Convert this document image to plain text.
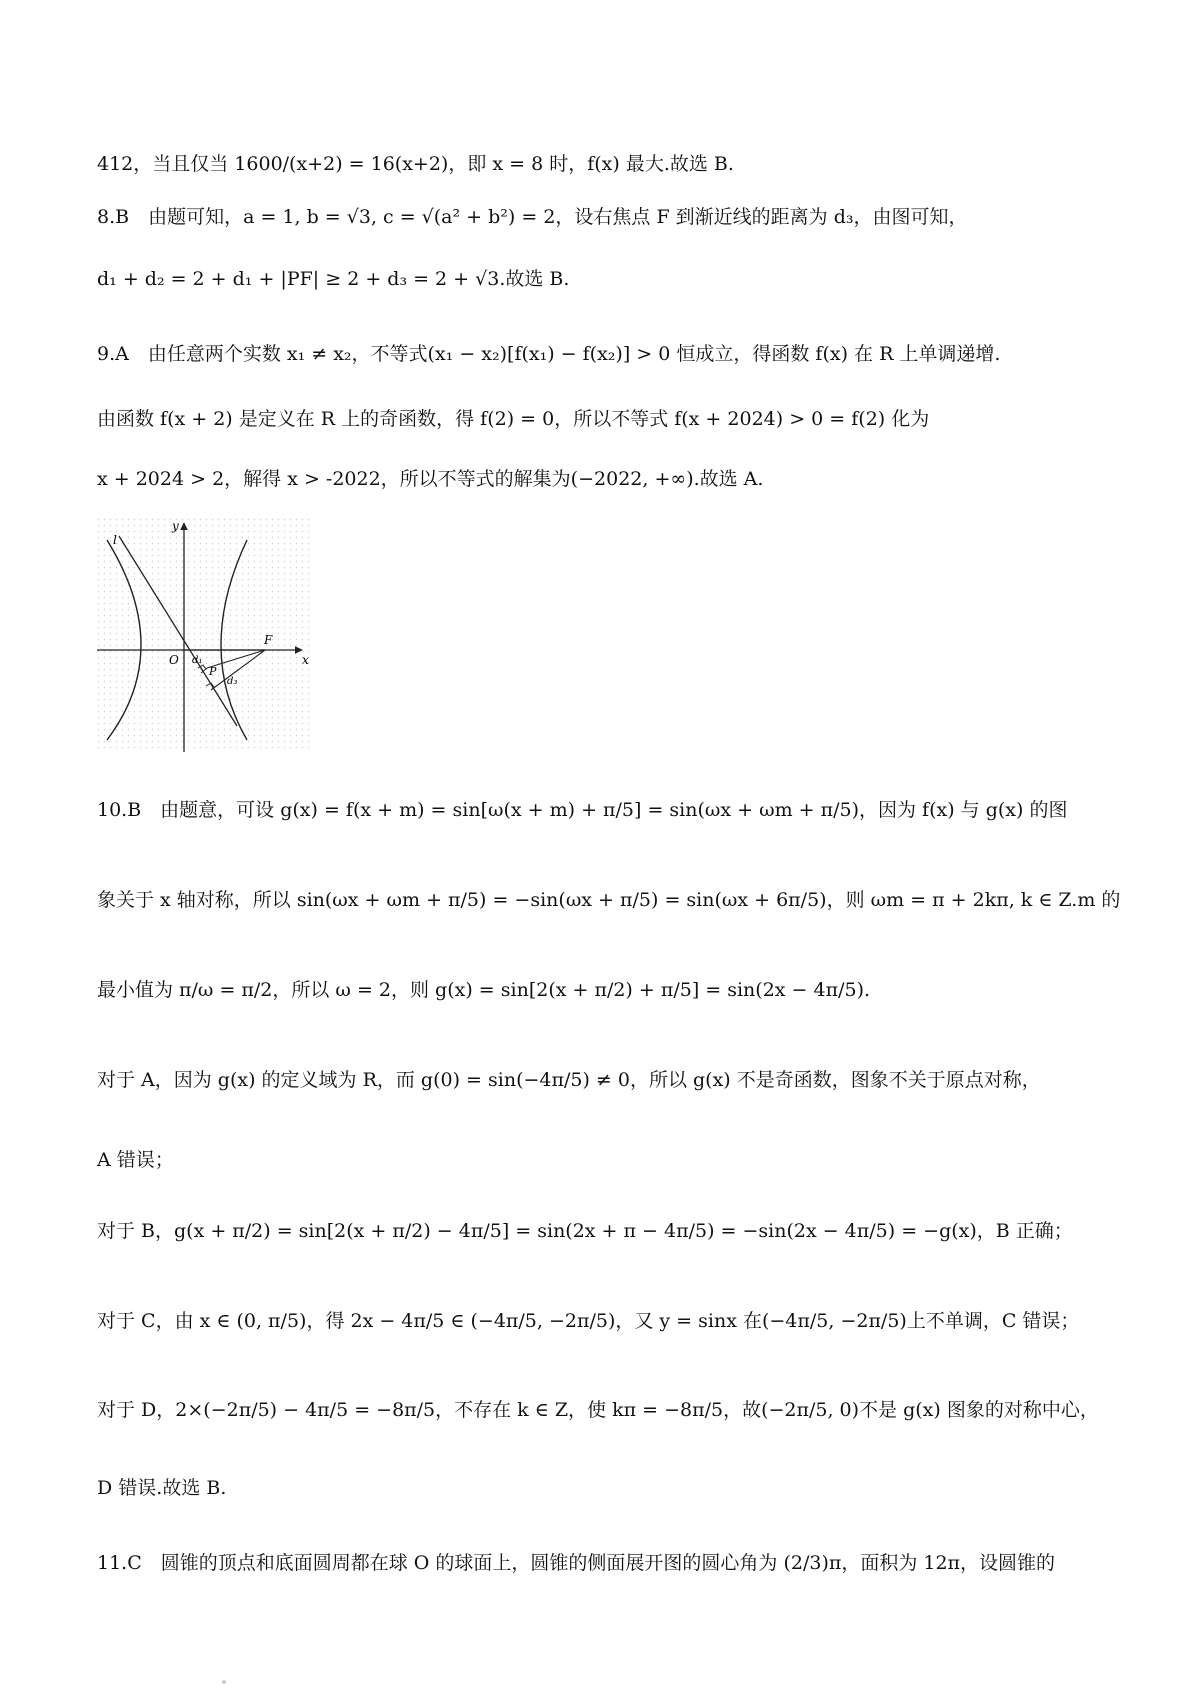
412，当且仅当 1600/(x+2) = 16(x+2)，即 x = 8 时，f(x) 最大.故选 B.
8.B　由题可知，a = 1, b = √3, c = √(a² + b²) = 2，设右焦点 F 到渐近线的距离为 d₃，由图可知，
d₁ + d₂ = 2 + d₁ + |PF| ≥ 2 + d₃ = 2 + √3.故选 B.
9.A　由任意两个实数 x₁ ≠ x₂，不等式(x₁ − x₂)[f(x₁) − f(x₂)] > 0 恒成立，得函数 f(x) 在 R 上单调递增.
由函数 f(x + 2) 是定义在 R 上的奇函数，得 f(2) = 0，所以不等式 f(x + 2024) > 0 = f(2) 化为
x + 2024 > 2，解得 x > -2022，所以不等式的解集为(−2022, +∞).故选 A.
y
x
O
l
F
P
d₁
d₃
10.B　由题意，可设 g(x) = f(x + m) = sin[ω(x + m) + π/5] = sin(ωx + ωm + π/5)，因为 f(x) 与 g(x) 的图
象关于 x 轴对称，所以 sin(ωx + ωm + π/5) = −sin(ωx + π/5) = sin(ωx + 6π/5)，则 ωm = π + 2kπ, k ∈ Z.m 的
最小值为 π/ω = π/2，所以 ω = 2，则 g(x) = sin[2(x + π/2) + π/5] = sin(2x − 4π/5).
对于 A，因为 g(x) 的定义域为 R，而 g(0) = sin(−4π/5) ≠ 0，所以 g(x) 不是奇函数，图象不关于原点对称，
A 错误；
对于 B，g(x + π/2) = sin[2(x + π/2) − 4π/5] = sin(2x + π − 4π/5) = −sin(2x − 4π/5) = −g(x)，B 正确；
对于 C，由 x ∈ (0, π/5)，得 2x − 4π/5 ∈ (−4π/5, −2π/5)，又 y = sinx 在(−4π/5, −2π/5)上不单调，C 错误；
对于 D，2×(−2π/5) − 4π/5 = −8π/5，不存在 k ∈ Z，使 kπ = −8π/5，故(−2π/5, 0)不是 g(x) 图象的对称中心，
D 错误.故选 B.
11.C　圆锥的顶点和底面圆周都在球 O 的球面上，圆锥的侧面展开图的圆心角为 (2/3)π，面积为 12π，设圆锥的
